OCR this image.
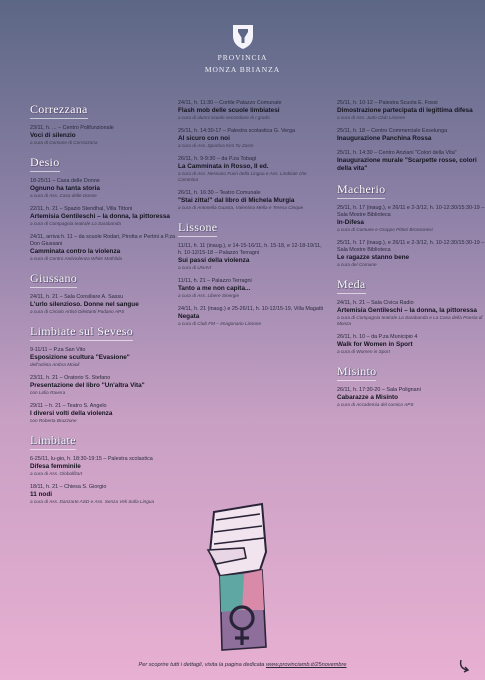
PROVINCIA
MONZA BRIANZA
Correzzana
23/11, h. ... – Centro Polifunzionale
Voci di silenzio
a cura di Comune di Correzzana
Desio
18-25/11 – Casa delle Donne
Ognuno ha tanta storia
a cura di Ass. Casa delle Donne
22/11, h. 21 – Spazio Stendhal, Villa Tittoni
Artemisia Gentileschi – la donna, la pittoressa
a cura di Compagnia teatrale La Sarabanda
24/11, arriva h. 11 – da scuole Rodari, Pirotta e Pertini a P.za Don Giussani
Camminata contro la violenza
a cura di Centro Antiviolenza White Mathilda
Giussano
24/11, h. 21 – Sala Consiliare A. Sassu
L'urlo silenzioso. Donne nel sangue
a cura di Circolo Artisti Dilettanti Padano APS
Limbiate sul Seveso
9-11/11 – P.za San Vito
Esposizione scultura "Evasione"
dell'artista Ambra Moioli
23/11, h. 21 – Oratorio S. Stefano
Presentazione del libro "Un'altra Vita"
con Lidia Ravera
29/11 – h. 21 – Teatro S. Angelo
I diversi volti della violenza
con Roberta Bruzzone
Limbiate
6-25/11, lu-gio, h. 18:30-19:15 – Palestra scolastica
Difesa femminile
a cura di Ass. Globalfitart
18/11, h. 21 – Chiesa S. Giorgio
11 nodi
a cura di Ass. Danzarte ASD e Ass. Senza Veli Sulla Lingua
24/11, h. 11:30 – Cortile Palazzo Comunale
Flash mob delle scuole limbiatesi
a cura di alunni scuole secondarie di I grado
25/11, h. 14:30-17 – Palestra scolastica G. Verga
Al sicuro con noi
a cura di Ass. Sportiva Kim Tu Zasm
26/11, h. 9-9:30 – da P.za Tobagi
La Camminata in Rosso, II ed.
a cura di Ass. Nessuno Fuori della Lingua e Ass. Limbiate che Cammina
26/11, h. 16:30 – Teatro Comunale
"Stai zitta!" dal libro di Michela Murgia
a cura di Antonella Guasta, Valentina Mella e Teresa Cinque
Lissone
11/11, h. 11 (inaug.), e 14-15-16/11, h. 15-18, e 12-18-19/11, h. 10-12/15-18 – Palazzo Terragni
Sui passi della violenza
a cura di UNAVI
11/11, h. 21 – Palazzo Terragni
Tanto a me non capita...
a cura di Ass. Libere Sinergie
24/11, h. 21 (inaug.) e 25-26/11, h. 10-12/15-19, Villa Magatti
Negata
a cura di Club FM – Imagonario Lissone
25/11, h. 10-12 – Palestra Scuola E. Fossi
Dimostrazione partecipata di legittima difesa
a cura di Ass. Judo Club Lissone
25/11, h. 18 – Centro Commerciale Esselunga
Inaugurazione Panchina Rossa
25/11, h. 14:30 – Centro Anziani "Colori della Vita"
Inaugurazione murale "Scarpette rosse, colori della vita"
Macherio
25/11, h. 17 (inaug.), e 26/11 e 2-3/12, h. 10-12:30/15:30-19 – Sala Mostre Biblioteca
In-Difesa
a cura di Comune e Gruppo Pittori Brossonesi
25/11, h. 17 (inaug.), e 26/11 e 2-3/12, h. 10-12:30/15:30-19 – Sala Mostre Biblioteca
Le ragazze stanno bene
a cura del Comune
Meda
24/11, h. 21 – Sala Civica Radio
Artemisia Gentileschi – la donna, la pittoressa
a cura di Compagnia teatrale La Sarabanda e La Casa della Poesia di Monza
26/11, h. 10 – da P.za Municipio 4
Walk for Women in Sport
a cura di Women in Sport
Misinto
26/11, h. 17:30-20 – Sala Polignani
Cabarazze a Misinto
a cura di Accademia del comico APS
Per scoprire tutti i dettagli, visita la pagina dedicata www.provinciamb.it/25novembre
